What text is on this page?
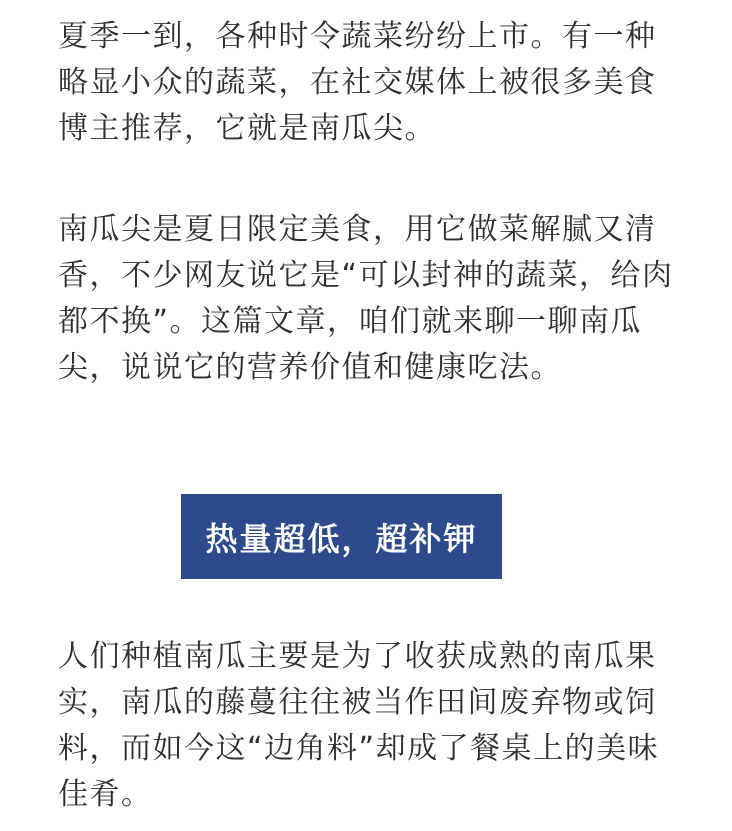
夏季一到，各种时令蔬菜纷纷上市。有一种
略显小众的蔬菜，在社交媒体上被很多美食
博主推荐，它就是南瓜尖。

南瓜尖是夏日限定美食，用它做菜解腻又清
香，不少网友说它是“可以封神的蔬菜，给肉
都不换”。这篇文章，咱们就来聊一聊南瓜
尖，说说它的营养价值和健康吃法。

热量超低，超补钾

人们种植南瓜主要是为了收获成熟的南瓜果
实，南瓜的藤蔓往往被当作田间废弃物或饲
料，而如今这“边角料”却成了餐桌上的美味
佳肴。
